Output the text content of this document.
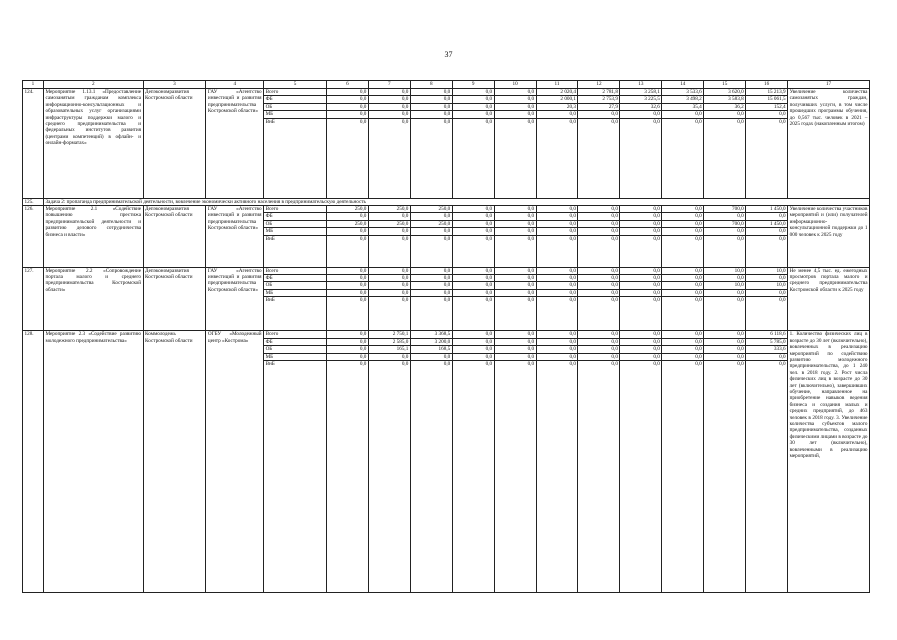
37
1	2	3	4	5	6	7	8	9	10	11	12	13	14	15	16	17
124.	Мероприятие 1.13.1 «Предоставление самозанятым гражданам комплекса информационно-консультационных и образовательных услуг организациями инфраструктуры поддержки малого и среднего предпринимательства и федеральных институтов развития (центрами компетенций) в офлайн- и онлайн-форматах»	Депэкономразвития Костромской области	ГАУ «Агентство инвестиций и развития предпринимательства Костромской области»	Всего	0,0	0,0	0,0	0,0	0,0	2 020,4	2 781,8	3 258,1	3 533,6	3 620,0	15 213,9	Увеличение количества самозанятых граждан, получивших услуги, в том числе прошедших программы обучения, до 0,567 тыс. человек в 2021 – 2025 годах (накопленным итогом)
				ФБ	0,0	0,0	0,0	0,0	0,0	2 000,1	2 753,9	3 225,5	3 498,2	3 583,8	15 061,5	
				ОБ	0,0	0,0	0,0	0,0	0,0	20,3	27,9	32,6	35,4	36,2	152,4	
				МБ	0,0	0,0	0,0	0,0	0,0	0,0	0,0	0,0	0,0	0,0	0,0	
				ВнБ	0,0	0,0	0,0	0,0	0,0	0,0	0,0	0,0	0,0	0,0	0,0	
125.	Задача 2: пропаганда предпринимательской деятельности, вовлечение экономически активного населения в предпринимательскую деятельность															
126.	Мероприятие 2.1 «Содействие повышению престижа предпринимательской деятельности и развитию делового сотрудничества бизнеса и власти»	Депэкономразвития Костромской области	ГАУ «Агентство инвестиций и развития предпринимательства Костромской области»	Всего	250,0	250,0	250,0	0,0	0,0	0,0	0,0	0,0	0,0	700,0	1 450,0	Увеличение количества участников мероприятий и (или) получателей информационно-консультационной поддержки до 1 000 человек к 2025 году
				ФБ	0,0	0,0	0,0	0,0	0,0	0,0	0,0	0,0	0,0	0,0	0,0	
				ОБ	250,0	250,0	250,0	0,0	0,0	0,0	0,0	0,0	0,0	700,0	1 450,0	
				МБ	0,0	0,0	0,0	0,0	0,0	0,0	0,0	0,0	0,0	0,0	0,0	
				ВнБ	0,0	0,0	0,0	0,0	0,0	0,0	0,0	0,0	0,0	0,0	0,0	
127.	Мероприятие 2.2 «Сопровождение портала малого и среднего предпринимательства Костромской области»	Депэкономразвития Костромской области	ГАУ «Агентство инвестиций и развития предпринимательства Костромской области»	Всего	0,0	0,0	0,0	0,0	0,0	0,0	0,0	0,0	0,0	10,0	10,0	Не менее 4,5 тыс. ед. ежегодных просмотров портала малого и среднего предпринимательства Костромской области к 2025 году
				ФБ	0,0	0,0	0,0	0,0	0,0	0,0	0,0	0,0	0,0	0,0	0,0	
				ОБ	0,0	0,0	0,0	0,0	0,0	0,0	0,0	0,0	0,0	10,0	10,0	
				МБ	0,0	0,0	0,0	0,0	0,0	0,0	0,0	0,0	0,0	0,0	0,0	
				ВнБ	0,0	0,0	0,0	0,0	0,0	0,0	0,0	0,0	0,0	0,0	0,0	
128.	Мероприятие 2.3 «Содействие развитию молодежного предпринимательства»	Коммолодежь Костромской области	ОГБУ «Молодежный центр «Кострома»	Всего	0,0	2 750,1	3 368,5	0,0	0,0	0,0	0,0	0,0	0,0	0,0	6 118,6	1. Количество физических лиц в возрасте до 30 лет (включительно), вовлеченных в реализацию мероприятий по содействию развитию молодежного предпринимательства, до 1 240 чел. в 2018 году. 2. Рост числа физических лиц в возрасте до 30 лет (включительно), завершивших обучение, направленное на приобретение навыков ведения бизнеса и создания малых и средних предприятий, до 463 человек в 2018 году. 3. Увеличение количества субъектов малого предпринимательства, созданных физическими лицами в возрасте до 30 лет (включительно), вовлеченными в реализацию мероприятий,
				ФБ	0,0	2 585,0	3 200,0	0,0	0,0	0,0	0,0	0,0	0,0	0,0	5 785,0	
				ОБ	0,0	165,1	168,5	0,0	0,0	0,0	0,0	0,0	0,0	0,0	333,6	
				МБ	0,0	0,0	0,0	0,0	0,0	0,0	0,0	0,0	0,0	0,0	0,0	
				ВнБ	0,0	0,0	0,0	0,0	0,0	0,0	0,0	0,0	0,0	0,0	0,0	
